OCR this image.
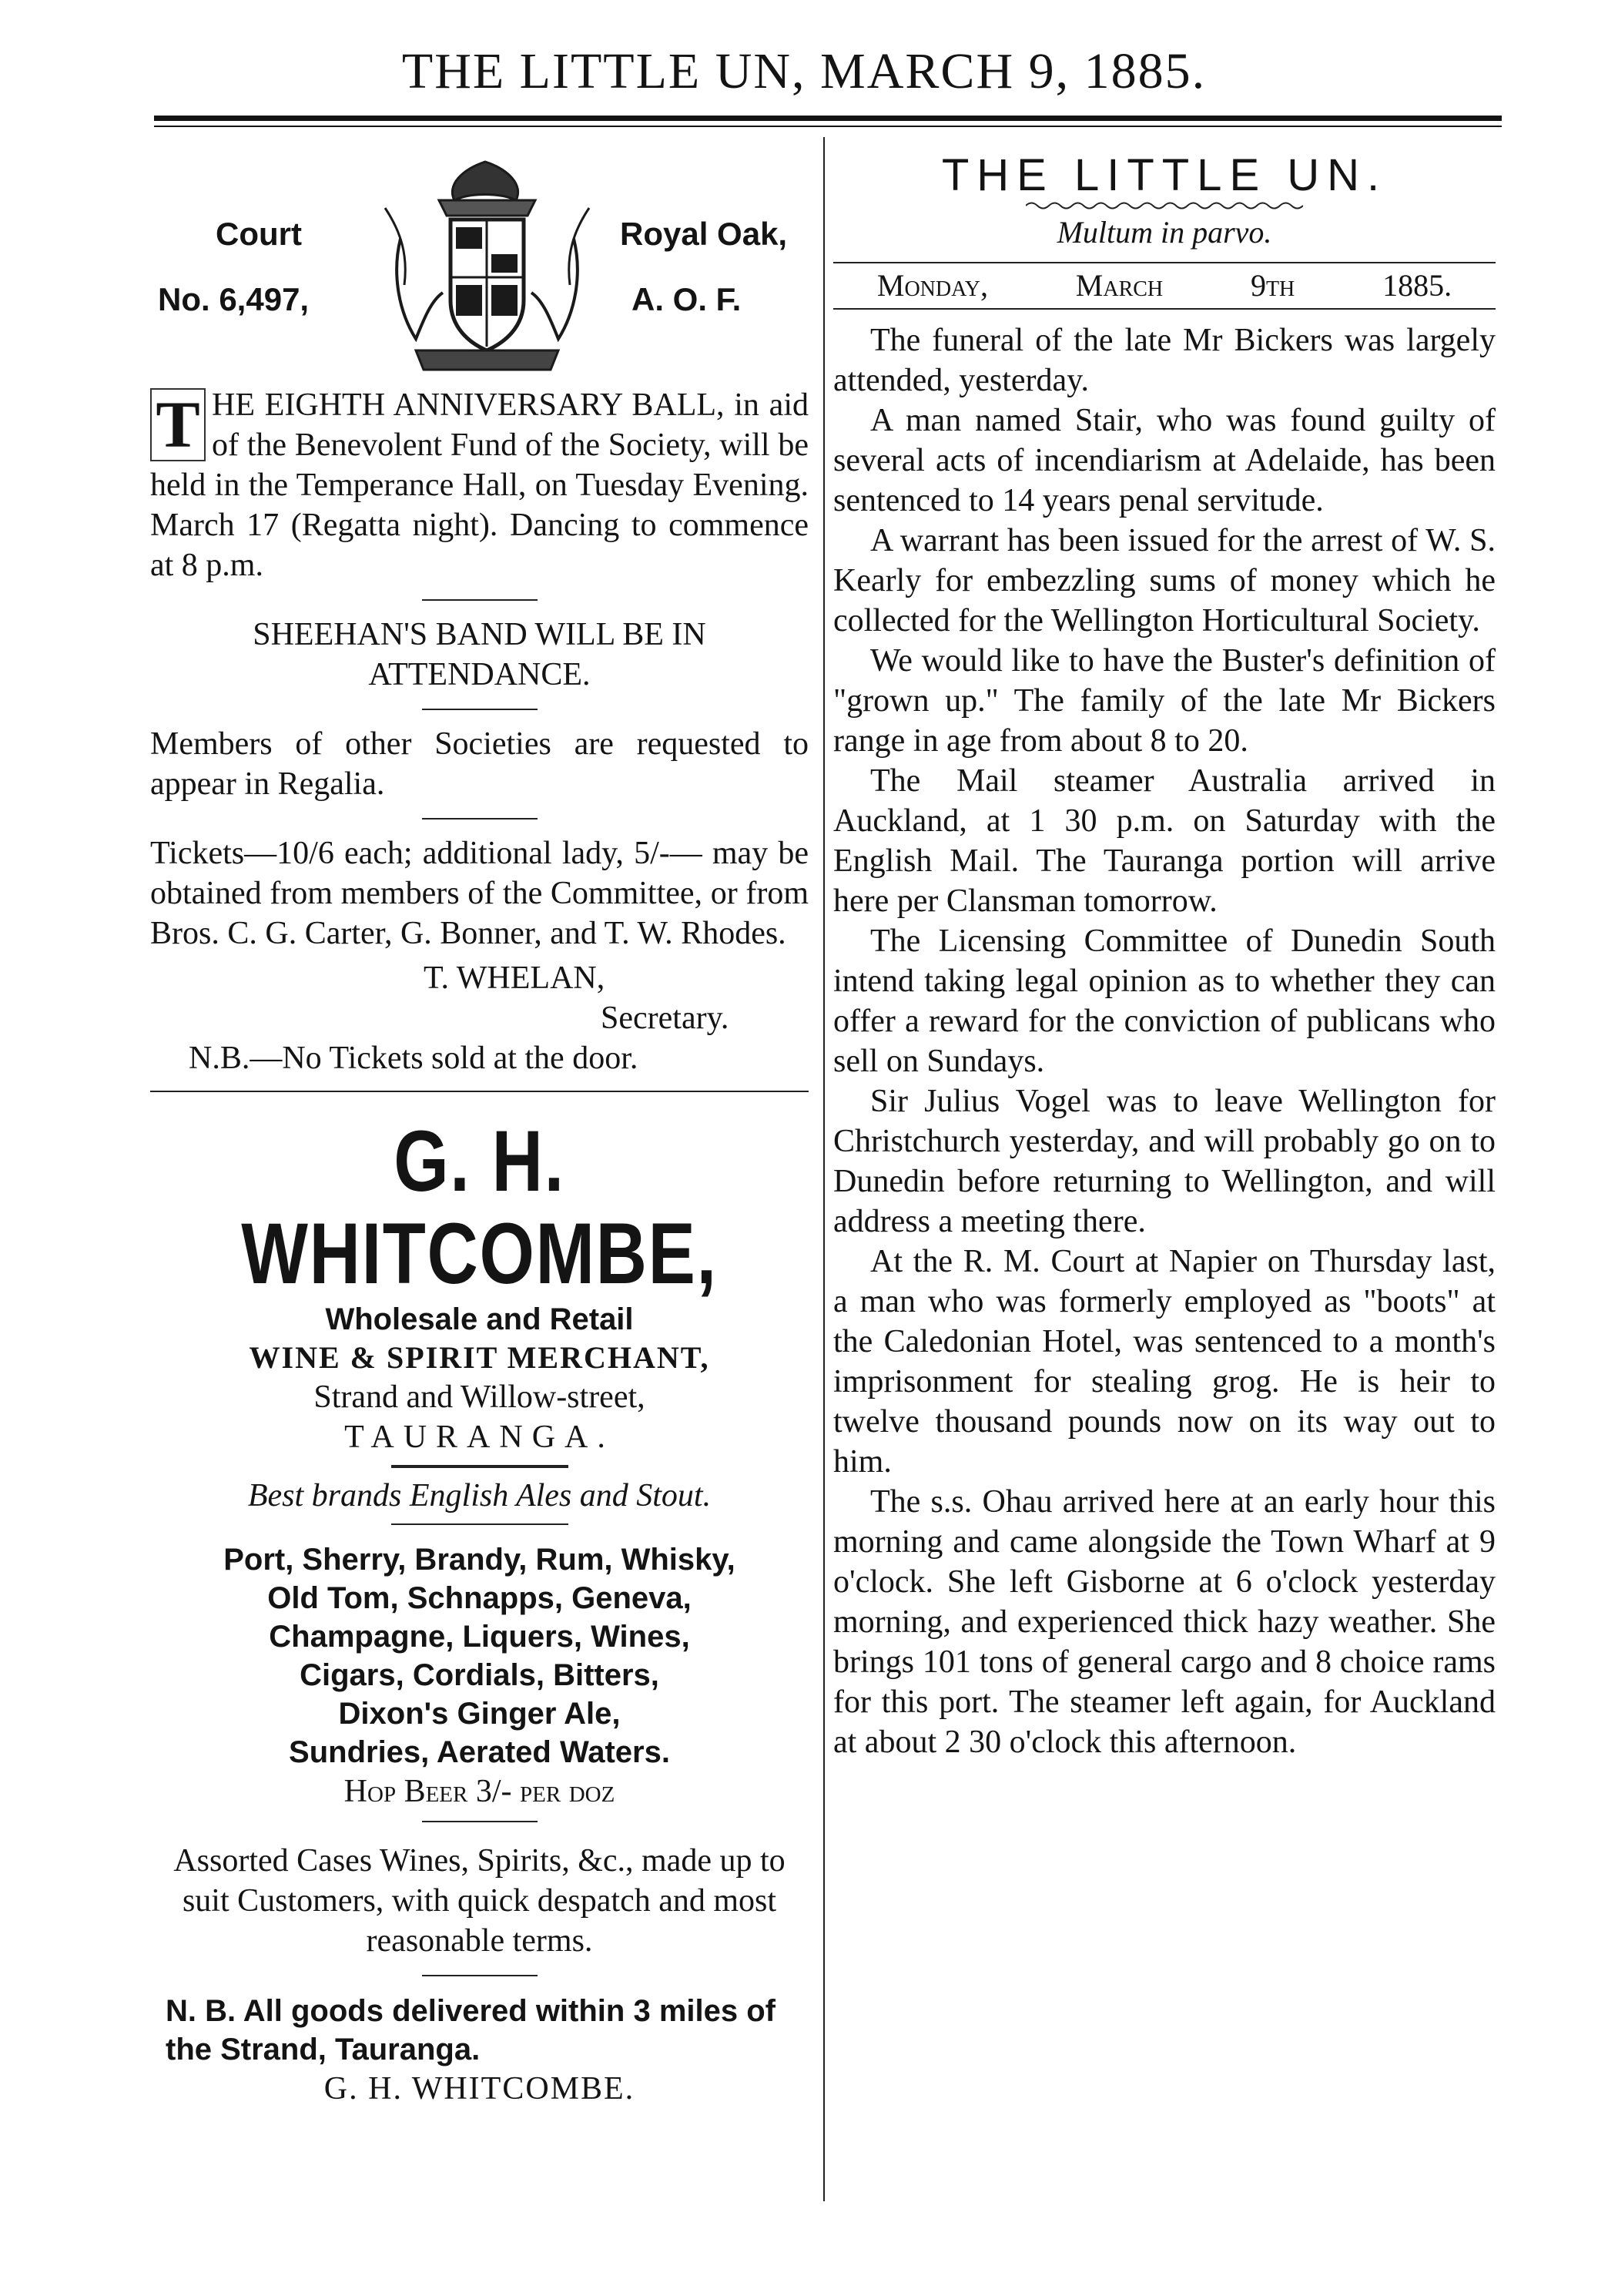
THE LITTLE UN, MARCH 9, 1885.
Court
No. 6,497,
Royal Oak,
A. O. F.

T HE EIGHTH ANNIVERSARY BALL, in aid of the Benevolent Fund of the Society, will be held in the Temperance Hall, on Tuesday Evening. March 17 (Regatta night). Dancing to commence at 8 p.m.

SHEEHAN'S BAND WILL BE IN ATTENDANCE.

Members of other Societies are requested to appear in Regalia.

Tickets—10/6 each; additional lady, 5/-— may be obtained from members of the Committee, or from Bros. C. G. Carter, G. Bonner, and T. W. Rhodes.

T. WHELAN,

Secretary.

N.B.—No Tickets sold at the door.

G. H. WHITCOMBE,

Wholesale and Retail

WINE & SPIRIT MERCHANT,

Strand and Willow-street,

TAURANGA.

Best brands English Ales and Stout.

Port, Sherry, Brandy, Rum, Whisky,

Old Tom, Schnapps, Geneva,

Champagne, Liquers, Wines,

Cigars, Cordials, Bitters,

Dixon's Ginger Ale,

Sundries, Aerated Waters.

Hop Beer 3/- per doz

Assorted Cases Wines, Spirits, &c., made up to suit Customers, with quick despatch and most reasonable terms.

N. B. All goods delivered within 3 miles of the Strand, Tauranga.

G. H. WHITCOMBE.

THE LITTLE UN.

Multum in parvo.

Monday,	March	9th	1885.

The funeral of the late Mr Bickers was largely attended, yesterday.

A man named Stair, who was found guilty of several acts of incendiarism at Adelaide, has been sentenced to 14 years penal servitude.

A warrant has been issued for the arrest of W. S. Kearly for embezzling sums of money which he collected for the Wellington Horticultural Society.

We would like to have the Buster's definition of "grown up." The family of the late Mr Bickers range in age from about 8 to 20.

The Mail steamer Australia arrived in Auckland, at 1 30 p.m. on Saturday with the English Mail. The Tauranga portion will arrive here per Clansman tomorrow.

The Licensing Committee of Dunedin South intend taking legal opinion as to whether they can offer a reward for the conviction of publicans who sell on Sundays.

Sir Julius Vogel was to leave Wellington for Christchurch yesterday, and will probably go on to Dunedin before returning to Wellington, and will address a meeting there.

At the R. M. Court at Napier on Thursday last, a man who was formerly employed as "boots" at the Caledonian Hotel, was sentenced to a month's imprisonment for stealing grog. He is heir to twelve thousand pounds now on its way out to him.

The s.s. Ohau arrived here at an early hour this morning and came alongside the Town Wharf at 9 o'clock. She left Gisborne at 6 o'clock yesterday morning, and experienced thick hazy weather. She brings 101 tons of general cargo and 8 choice rams for this port. The steamer left again, for Auckland at about 2 30 o'clock this afternoon.
